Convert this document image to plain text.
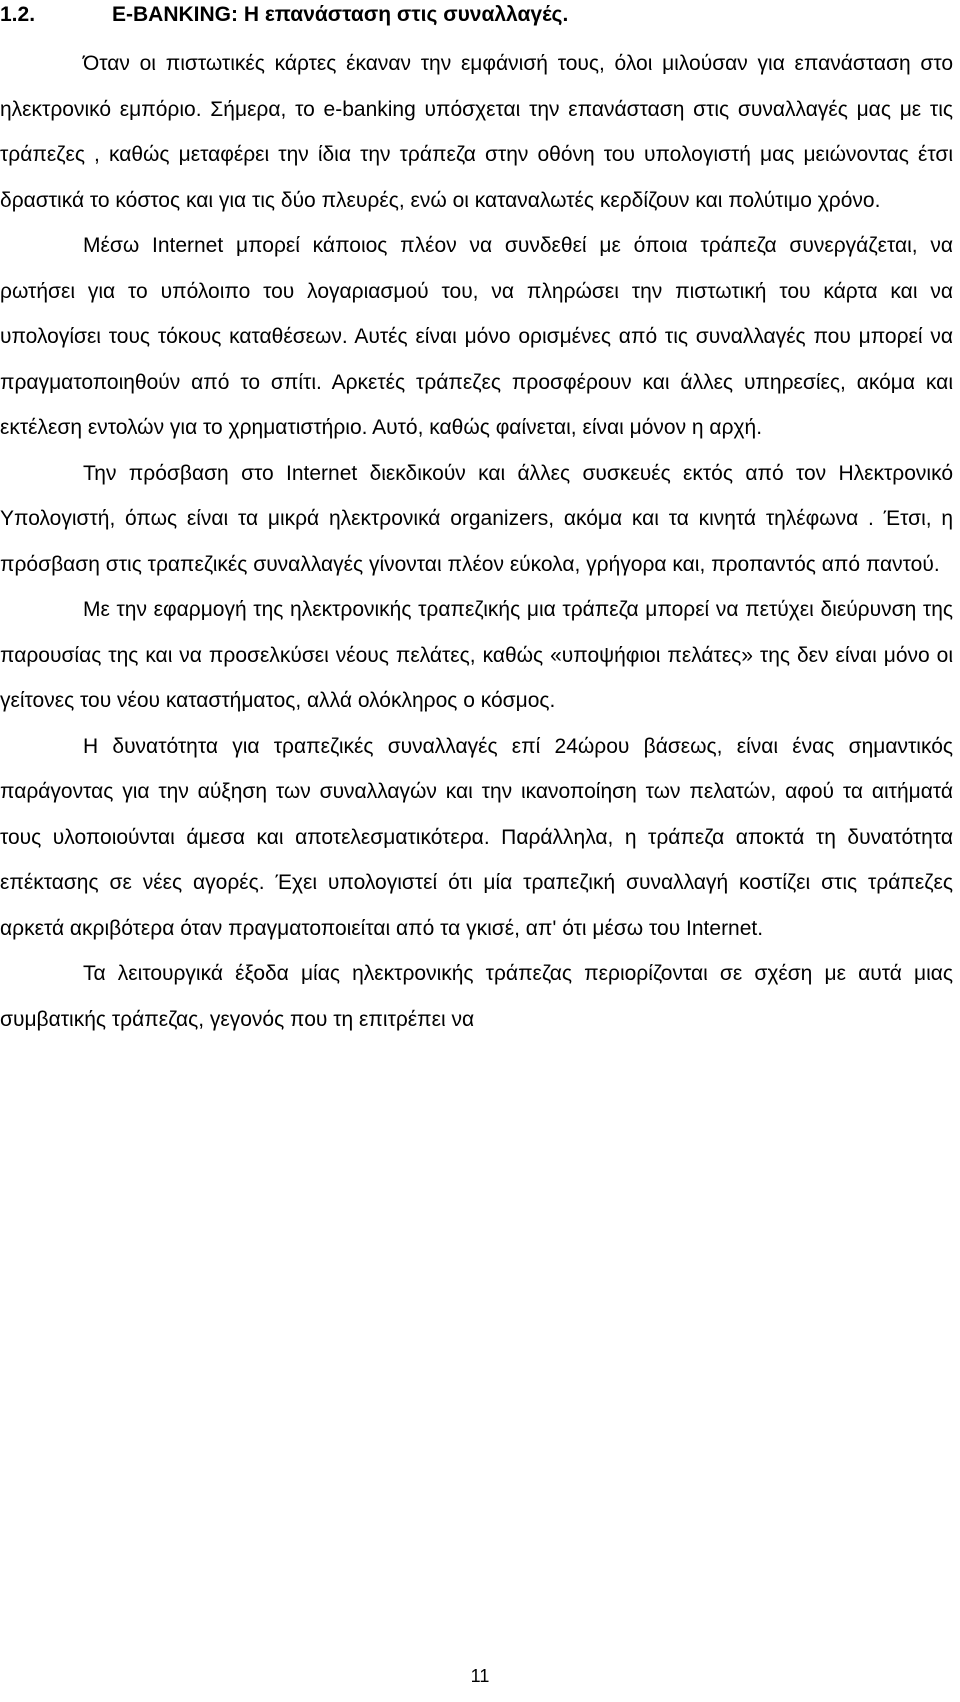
1.2.	E-BANKING: Η επανάσταση στις συναλλαγές.

Όταν οι πιστωτικές κάρτες έκαναν την εμφάνισή τους, όλοι μιλούσαν για επανάσταση στο ηλεκτρονικό εμπόριο. Σήμερα, το e-banking υπόσχεται την επανάσταση στις συναλλαγές μας με τις τράπεζες , καθώς μεταφέρει την ίδια την τράπεζα στην οθόνη του υπολογιστή μας μειώνοντας έτσι δραστικά το κόστος και για τις δύο πλευρές, ενώ οι καταναλωτές κερδίζουν και πολύτιμο χρόνο.

Μέσω Internet μπορεί κάποιος πλέον να συνδεθεί με όποια τράπεζα συνεργάζεται, να ρωτήσει για το υπόλοιπο του λογαριασμού του, να πληρώσει την πιστωτική του κάρτα και να υπολογίσει τους τόκους καταθέσεων. Αυτές είναι μόνο ορισμένες από τις συναλλαγές που μπορεί να πραγματοποιηθούν από το σπίτι. Αρκετές τράπεζες προσφέρουν και άλλες υπηρεσίες, ακόμα και εκτέλεση εντολών για το χρηματιστήριο. Αυτό, καθώς φαίνεται, είναι μόνον η αρχή.

Την πρόσβαση στο Internet διεκδικούν και άλλες συσκευές εκτός από τον Ηλεκτρονικό Υπολογιστή, όπως είναι τα μικρά ηλεκτρονικά organizers, ακόμα και τα κινητά τηλέφωνα . Έτσι, η πρόσβαση στις τραπεζικές συναλλαγές γίνονται πλέον εύκολα, γρήγορα και, προπαντός από παντού.

Με την εφαρμογή της ηλεκτρονικής τραπεζικής μια τράπεζα μπορεί να πετύχει διεύρυνση της παρουσίας της και να προσελκύσει νέους πελάτες, καθώς «υποψήφιοι πελάτες» της δεν είναι μόνο οι γείτονες του νέου καταστήματος, αλλά ολόκληρος ο κόσμος.

Η δυνατότητα για τραπεζικές συναλλαγές επί 24ώρου βάσεως, είναι ένας σημαντικός παράγοντας για την αύξηση των συναλλαγών και την ικανοποίηση των πελατών, αφού τα αιτήματά τους υλοποιούνται άμεσα και αποτελεσματικότερα. Παράλληλα, η τράπεζα αποκτά τη δυνατότητα επέκτασης σε νέες αγορές. Έχει υπολογιστεί ότι μία τραπεζική συναλλαγή κοστίζει στις τράπεζες αρκετά ακριβότερα όταν πραγματοποιείται από τα γκισέ, απ' ότι μέσω του Internet.

Τα λειτουργικά έξοδα μίας ηλεκτρονικής τράπεζας περιορίζονται σε σχέση με αυτά μιας συμβατικής τράπεζας, γεγονός που τη επιτρέπει να

11
